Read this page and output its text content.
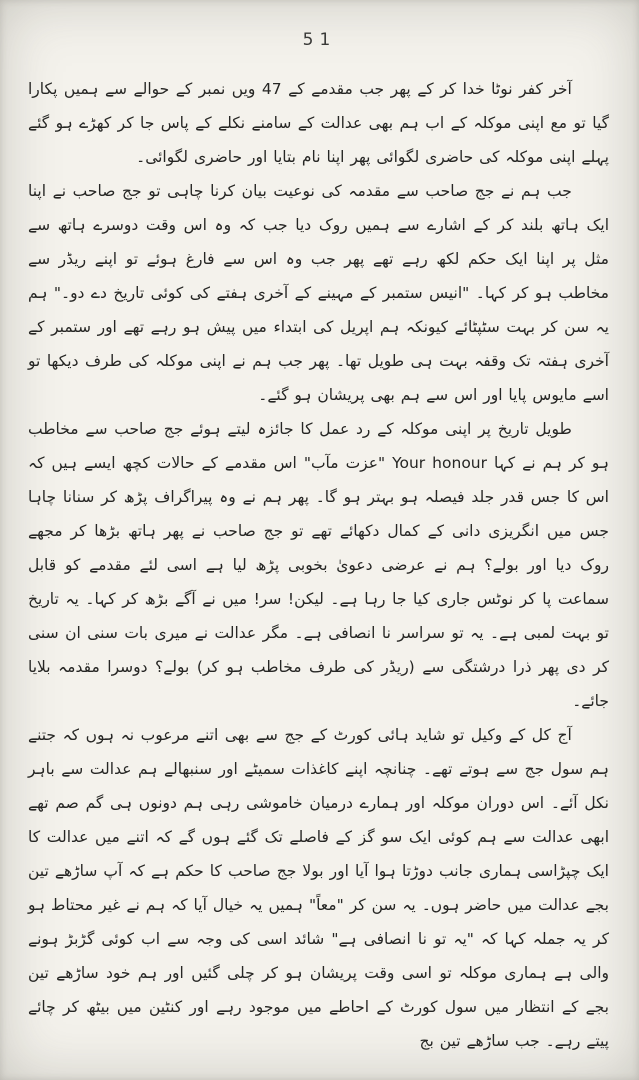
51

آخر کفر نوٹا خدا کر کے پھر جب مقدمے کے 47 ویں نمبر کے حوالے سے ہمیں پکارا گیا تو مع اپنی موکلہ کے اب ہم بھی عدالت کے سامنے نکلے کے پاس جا کر کھڑے ہو گئے پہلے اپنی موکلہ کی حاضری لگوائی پھر اپنا نام بتایا اور حاضری لگوائی۔

جب ہم نے جج صاحب سے مقدمہ کی نوعیت بیان کرنا چاہی تو جج صاحب نے اپنا ایک ہاتھ بلند کر کے اشارے سے ہمیں روک دیا جب کہ وہ اس وقت دوسرے ہاتھ سے مثل پر اپنا ایک حکم لکھ رہے تھے پھر جب وہ اس سے فارغ ہوئے تو اپنے ریڈر سے مخاطب ہو کر کہا۔ "انیس ستمبر کے مہینے کے آخری ہفتے کی کوئی تاریخ دے دو۔" ہم یہ سن کر بہت سٹپٹائے کیونکہ ہم اپریل کی ابتداء میں پیش ہو رہے تھے اور ستمبر کے آخری ہفتہ تک وقفہ بہت ہی طویل تھا۔ پھر جب ہم نے اپنی موکلہ کی طرف دیکھا تو اسے مایوس پایا اور اس سے ہم بھی پریشان ہو گئے۔

طویل تاریخ پر اپنی موکلہ کے رد عمل کا جائزہ لیتے ہوئے جج صاحب سے مخاطب ہو کر ہم نے کہا Your honour "عزت مآب" اس مقدمے کے حالات کچھ ایسے ہیں کہ اس کا جس قدر جلد فیصلہ ہو بہتر ہو گا۔ پھر ہم نے وہ پیراگراف پڑھ کر سنانا چاہا جس میں انگریزی دانی کے کمال دکھائے تھے تو جج صاحب نے پھر ہاتھ بڑھا کر مجھے روک دیا اور بولے؟ ہم نے عرضی دعویٰ بخوبی پڑھ لیا ہے اسی لئے مقدمے کو قابل سماعت پا کر نوٹس جاری کیا جا رہا ہے۔ لیکن! سر! میں نے آگے بڑھ کر کہا۔ یہ تاریخ تو بہت لمبی ہے۔ یہ تو سراسر نا انصافی ہے۔ مگر عدالت نے میری بات سنی ان سنی کر دی پھر ذرا درشتگی سے (ریڈر کی طرف مخاطب ہو کر) بولے؟ دوسرا مقدمہ بلایا جائے۔

آج کل کے وکیل تو شاید ہائی کورٹ کے جج سے بھی اتنے مرعوب نہ ہوں کہ جتنے ہم سول جج سے ہوتے تھے۔ چنانچہ اپنے کاغذات سمیٹے اور سنبھالے ہم عدالت سے باہر نکل آئے۔ اس دوران موکلہ اور ہمارے درمیان خاموشی رہی ہم دونوں ہی گم صم تھے ابھی عدالت سے ہم کوئی ایک سو گز کے فاصلے تک گئے ہوں گے کہ اتنے میں عدالت کا ایک چپڑاسی ہماری جانب دوڑتا ہوا آیا اور بولا جج صاحب کا حکم ہے کہ آپ ساڑھے تین بجے عدالت میں حاضر ہوں۔ یہ سن کر "معاً" ہمیں یہ خیال آیا کہ ہم نے غیر محتاط ہو کر یہ جملہ کہا کہ "یہ تو نا انصافی ہے" شائد اسی کی وجہ سے اب کوئی گڑبڑ ہونے والی ہے ہماری موکلہ تو اسی وقت پریشان ہو کر چلی گئیں اور ہم خود ساڑھے تین بجے کے انتظار میں سول کورٹ کے احاطے میں موجود رہے اور کنٹین میں بیٹھ کر چائے پیتے رہے۔ جب ساڑھے تین بج
